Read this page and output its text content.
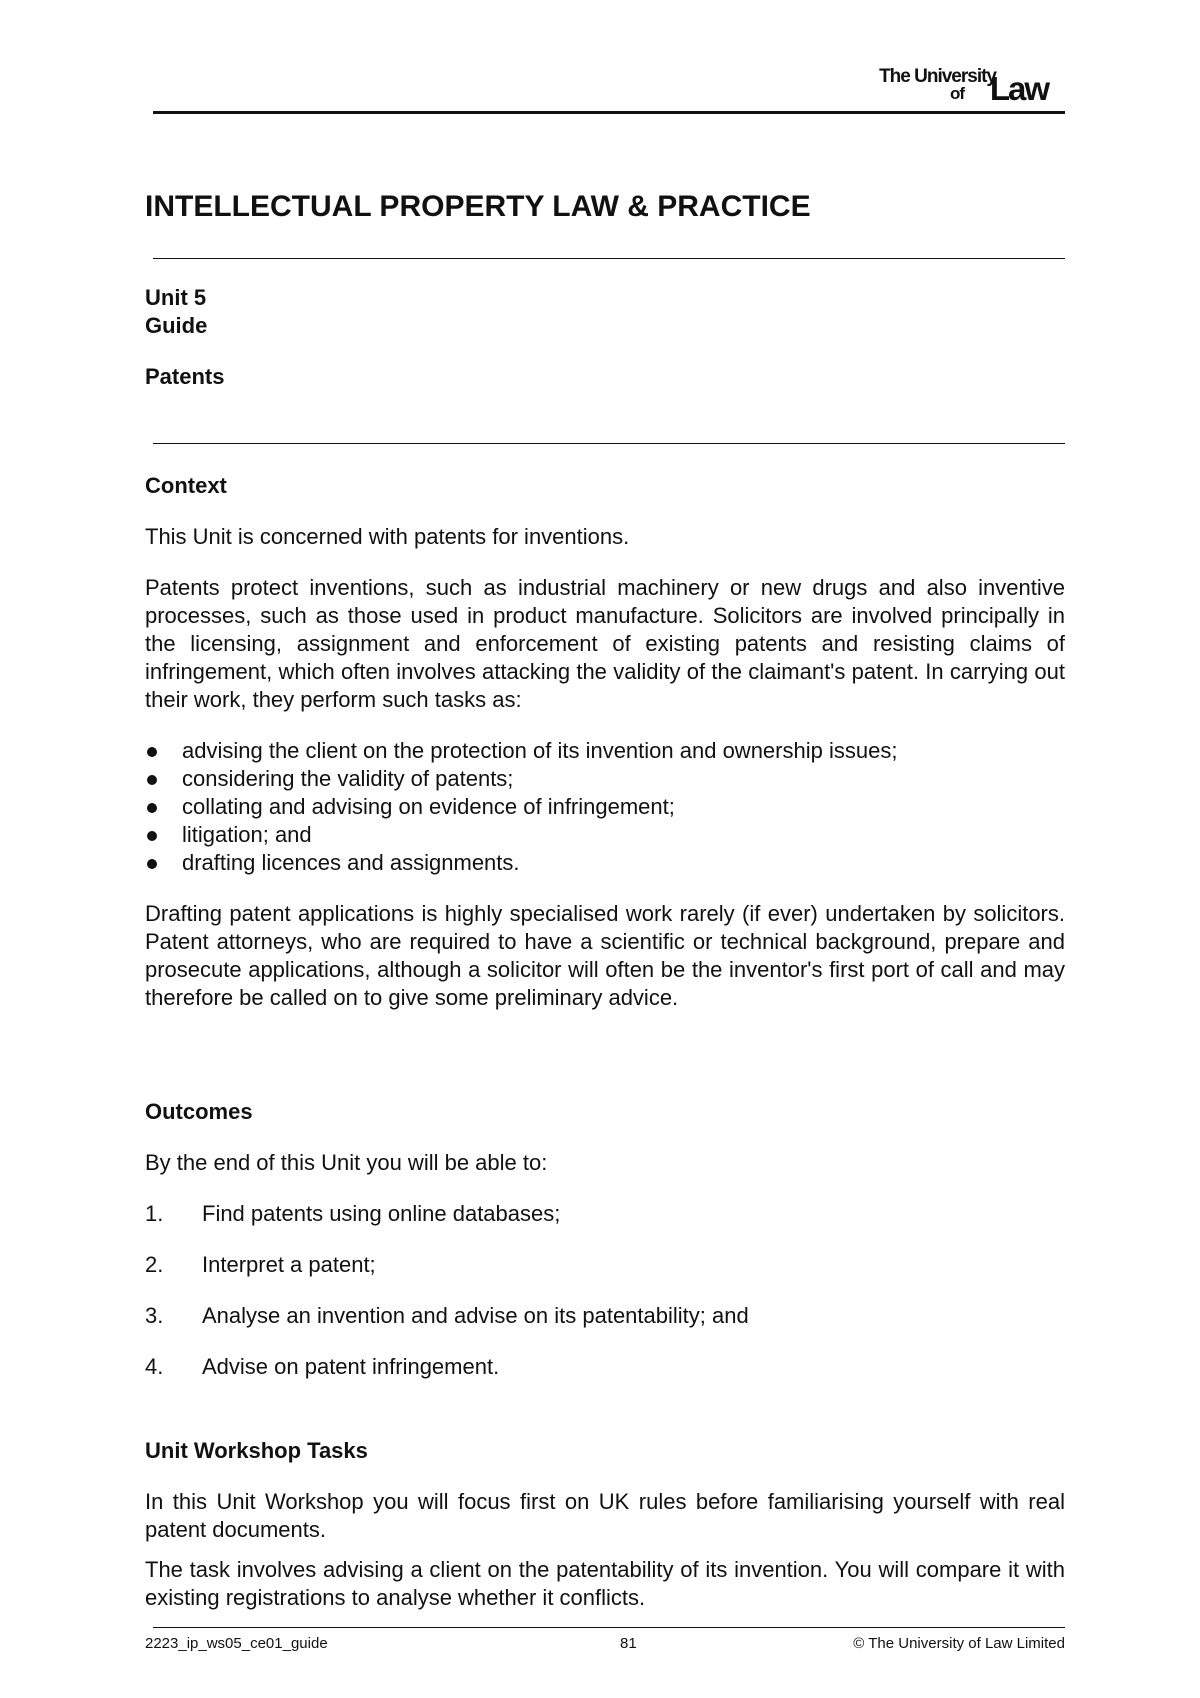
The University
of Law
INTELLECTUAL PROPERTY LAW & PRACTICE
Unit 5
Guide
Patents
Context

This Unit is concerned with patents for inventions.

Patents protect inventions, such as industrial machinery or new drugs and also inventive processes, such as those used in product manufacture. Solicitors are involved principally in the licensing, assignment and enforcement of existing patents and resisting claims of infringement, which often involves attacking the validity of the claimant's patent. In carrying out their work, they perform such tasks as:

advising the client on the protection of its invention and ownership issues;
considering the validity of patents;
collating and advising on evidence of infringement;
litigation; and
drafting licences and assignments.

Drafting patent applications is highly specialised work rarely (if ever) undertaken by solicitors. Patent attorneys, who are required to have a scientific or technical background, prepare and prosecute applications, although a solicitor will often be the inventor's first port of call and may therefore be called on to give some preliminary advice.

Outcomes

By the end of this Unit you will be able to:

1. Find patents using online databases;
2. Interpret a patent;
3. Analyse an invention and advise on its patentability; and
4. Advise on patent infringement.
Unit Workshop Tasks

In this Unit Workshop you will focus first on UK rules before familiarising yourself with real patent documents.

The task involves advising a client on the patentability of its invention. You will compare it with existing registrations to analyse whether it conflicts.

2223_ip_ws05_ce01_guide	81	© The University of Law Limited
